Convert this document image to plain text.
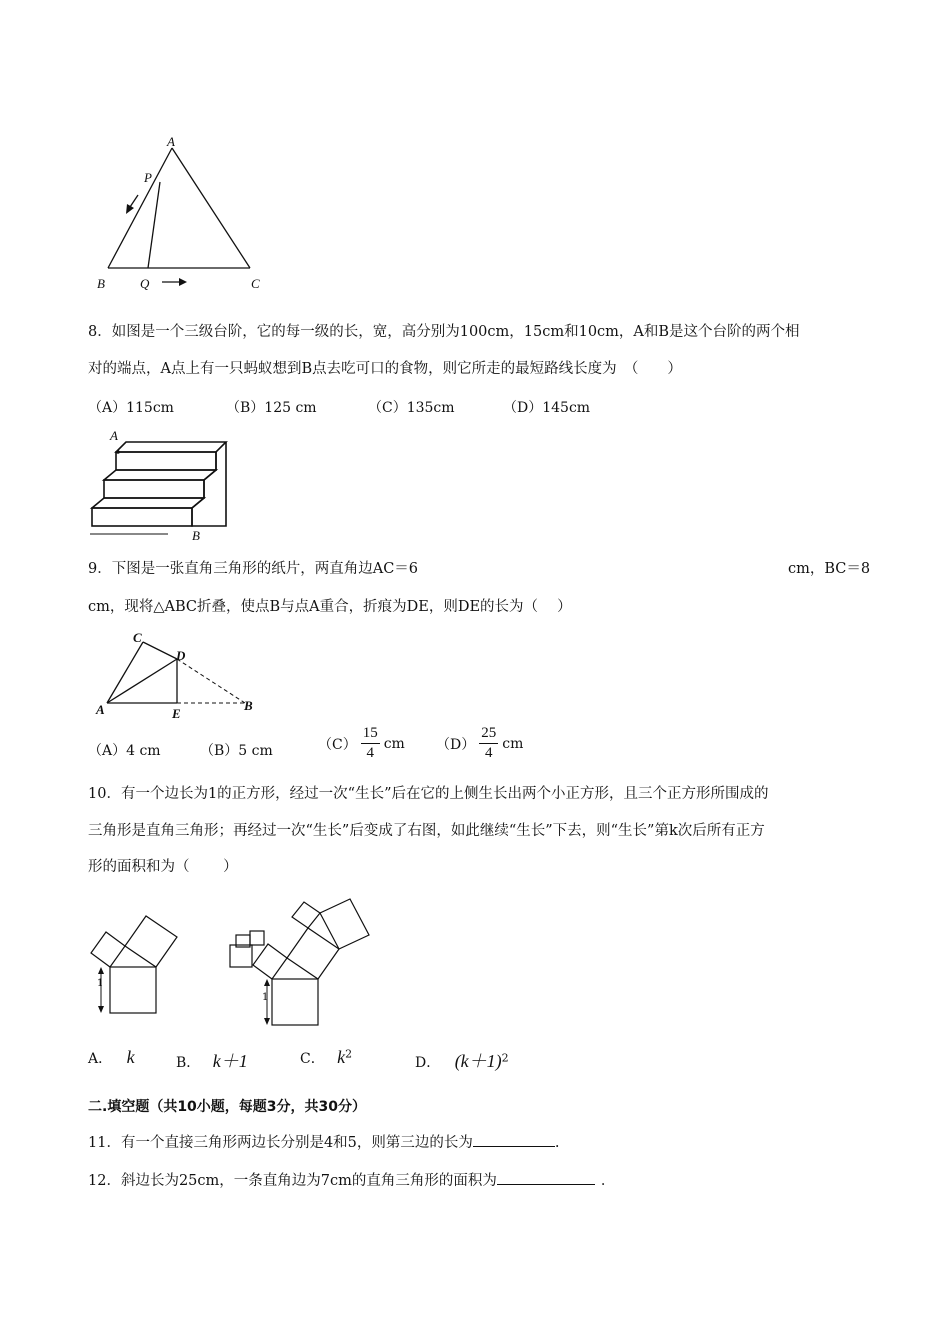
A
P
B	Q	C
8．如图是一个三级台阶，它的每一级的长，宽，高分别为100cm，15cm和10cm，A和B是这个台阶的两个相
对的端点，A点上有一只蚂蚁想到B点去吃可口的食物，则它所走的最短路线长度为　（　　）
（A）115cm	（B）125 cm	（C）135cm	（D）145cm
A
B
9．下图是一张直角三角形的纸片，两直角边AC＝6	cm，BC＝8
cm，现将△ABC折叠，使点B与点A重合，折痕为DE，则DE的长为（　 ）
C
D
A	E
B
（A）4 cm	（B）5 cm	$(C) \frac{15}{4}$ cm $(D) \frac{25}{4}$ cm
10．有一个边长为1的正方形，经过一次“生长”后在它的上侧生长出两个小正方形，且三个正方形所围成的
三角形是直角三角形；再经过一次“生长”后变成了右图，如此继续“生长”下去，则“生长”第k次后所有正方
形的面积和为（　　 ）
1
1
A． k	B． k＋1	C． $k^2$
D． $(k+1)^2$
二.填空题（共10小题，每题3分，共30分）
11．有一个直接三角形两边长分别是4和5，则第三边的长为	.
12．斜边长为25cm，一条直角边为7cm的直角三角形的面积为	．
